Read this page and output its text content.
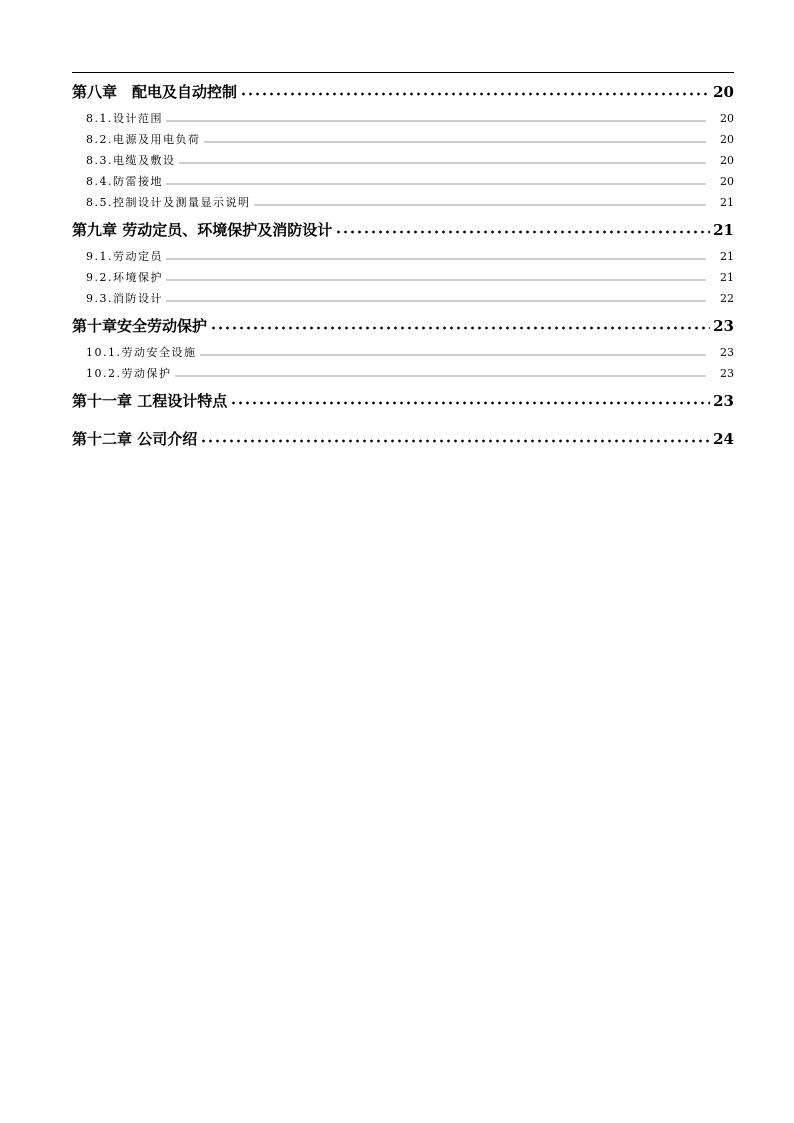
第八章　配电及自动控制	20
8.1.设计范围	20
8.2.电源及用电负荷	20
8.3.电缆及敷设	20
8.4.防雷接地	20
8.5.控制设计及测量显示说明	21
第九章 劳动定员、环境保护及消防设计	21
9.1.劳动定员	21
9.2.环境保护	21
9.3.消防设计	22
第十章安全劳动保护	23
10.1.劳动安全设施	23
10.2.劳动保护	23
第十一章 工程设计特点	23
第十二章 公司介绍	24
